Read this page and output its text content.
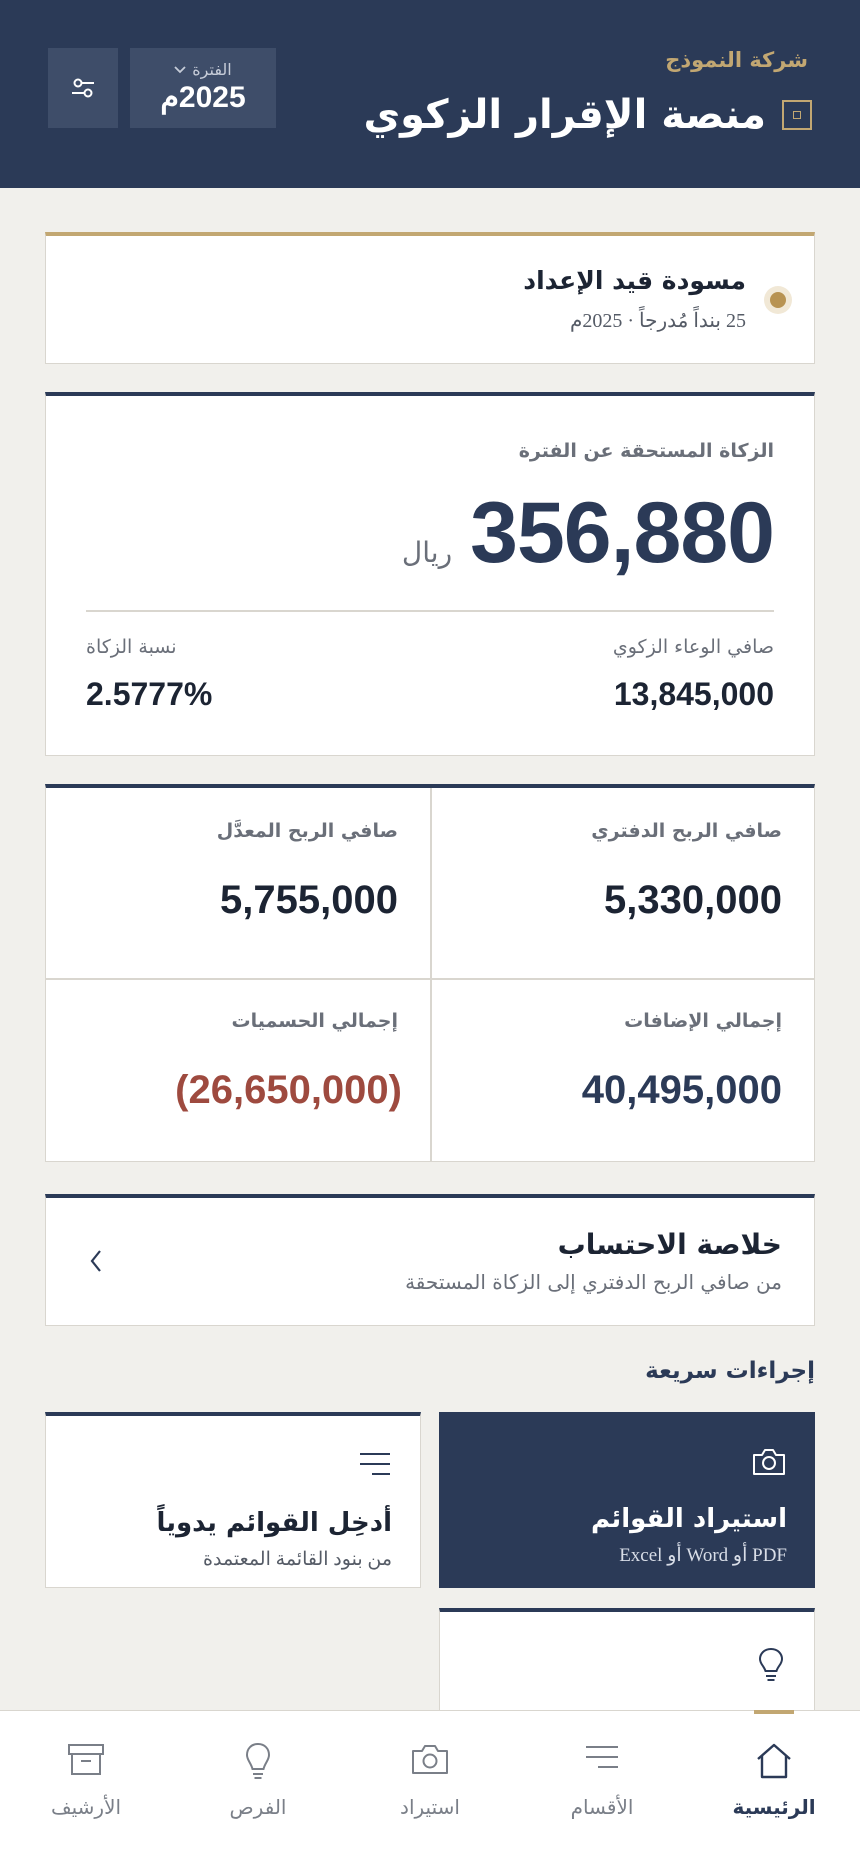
شركة النموذج
منصة الإقرار الزكوي
الفترة
2025م
مسودة قيد الإعداد
25 بنداً مُدرجاً · 2025م
الزكاة المستحقة عن الفترة
356,880
ريال
صافي الوعاء الزكوي
13,845,000
نسبة الزكاة
2.5777%
صافي الربح الدفتري
5,330,000
صافي الربح المعدَّل
5,755,000
إجمالي الإضافات
40,495,000
إجمالي الحسميات
(26,650,000)
خلاصة الاحتساب
من صافي الربح الدفتري إلى الزكاة المستحقة
إجراءات سريعة
استيراد القوائم
PDF أو Word أو Excel
أدخِل القوائم يدوياً
من بنود القائمة المعتمدة
الرئيسية
الأقسام
استيراد
الفرص
الأرشيف
